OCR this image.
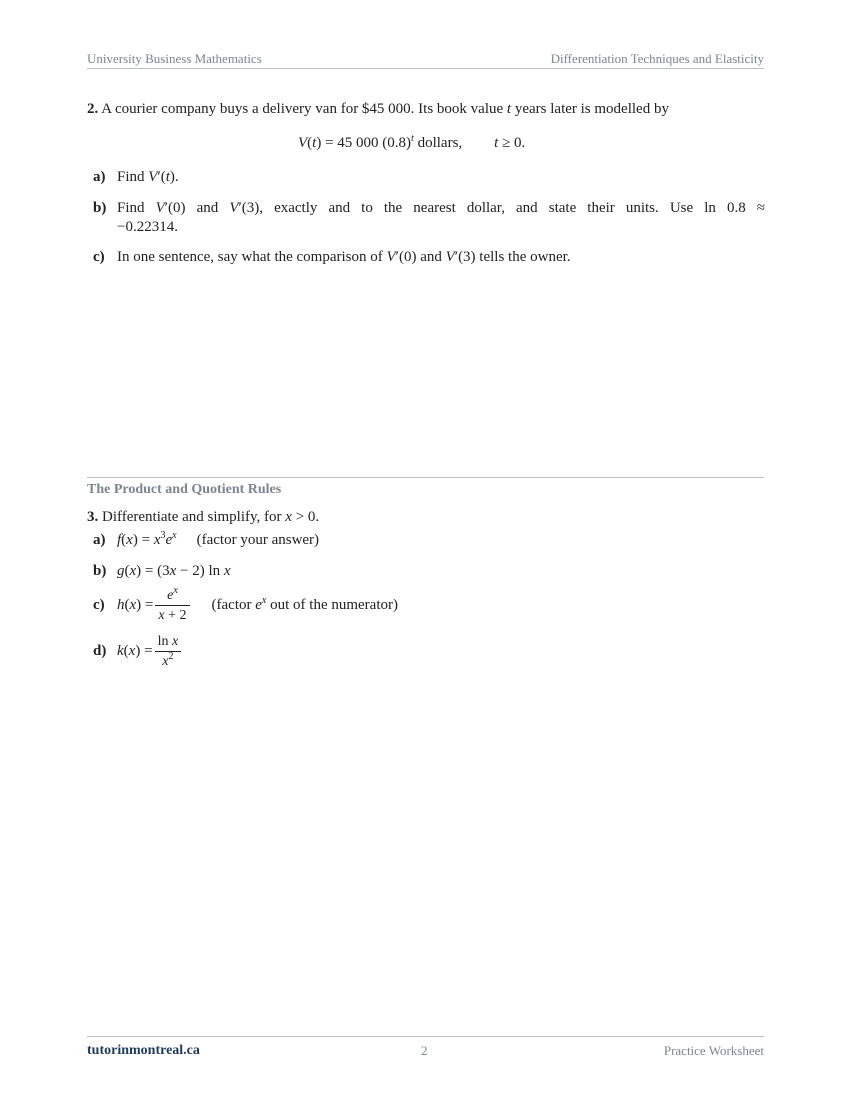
University Business Mathematics	Differentiation Techniques and Elasticity
2. A courier company buys a delivery van for $45 000. Its book value t years later is modelled by
V(t) = 45 000 $(0.8)^t$ dollars, t ≥ 0.
a) Find V′(t).
b) Find V′(0) and V′(3), exactly and to the nearest dollar, and state their units. Use ln 0.8 ≈
−0.22314.
c) In one sentence, say what the comparison of V′(0) and V′(3) tells the owner.
The Product and Quotient Rules
3. Differentiate and simplify, for x > 0.
a) $f(x) = x^3e^x$ (factor your answer)
b) g(x) = (3x − 2) ln x
c) $h(x) = \frac{e^x}{x + 2}$ (factor $e^x$ out of the numerator)
d) $k(x) = \frac{\text{ln x}}{x^2}$
tutorinmontreal.ca	2	Practice Worksheet
